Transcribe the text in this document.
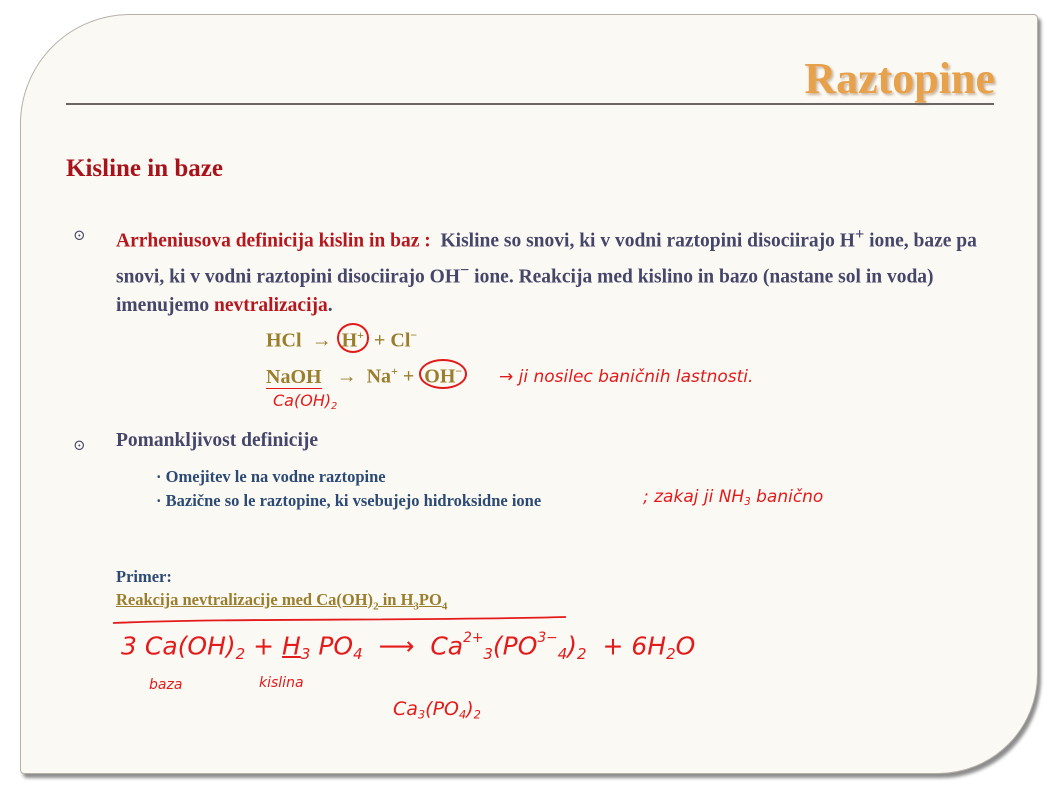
Raztopine
Kisline in baze
⊙ Arrheniusova definicija kislin in baz : Kisline so snovi, ki v vodni raztopini disociirajo H+ ione, baze pa snovi, ki v vodni raztopini disociirajo OH− ione. Reakcija med kislino in bazo (nastane sol in voda) imenujemo nevtralizacija.

HCl → H+ + Cl−
NaOH → Na+ + OH−
Ca(OH)2
→ ji nosilec baničnih lastnosti.
⊙ Pomankljivost definicije

· Omejitev le na vodne raztopine
· Bazične so le raztopine, ki vsebujejo hidroksidne ione	; zakaj ji NH3 banično
Primer:
Reakcija nevtralizacije med $Ca(OH)_2$ in $H_3PO_4$
3 Ca(OH)2 + H3 PO4 ⟶ $Ca^{2+}3(PO^{3-}4)2 + 6H2O$
baza	kislina
Ca3(PO4)2
